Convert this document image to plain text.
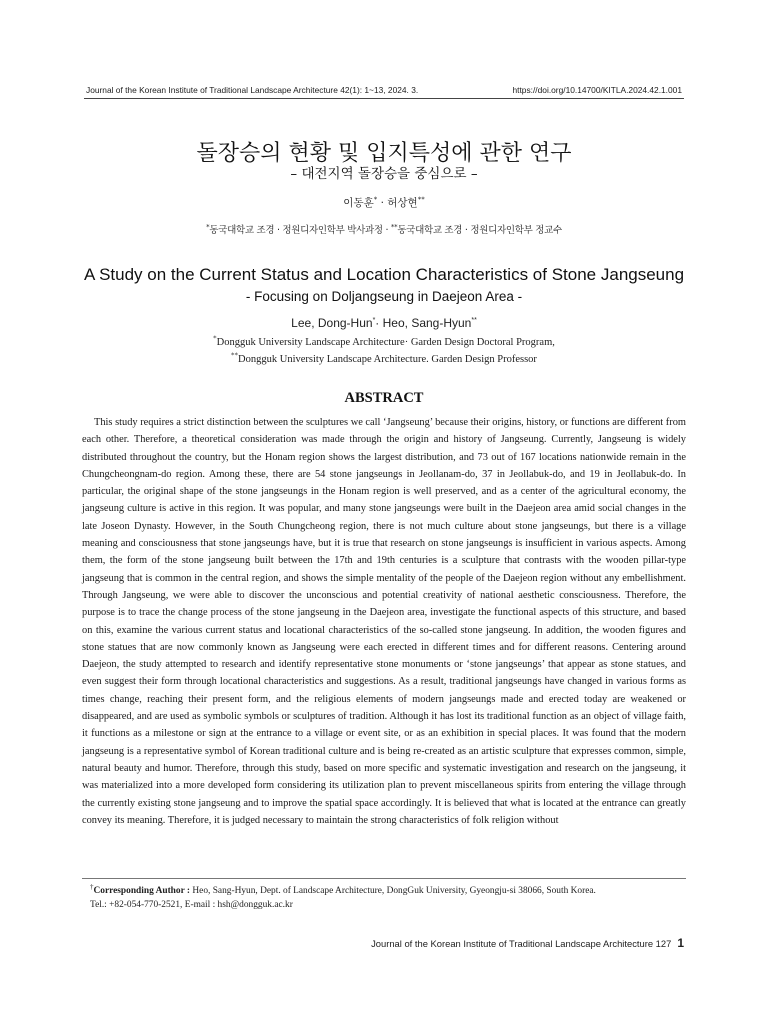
Journal of the Korean Institute of Traditional Landscape Architecture 42(1): 1~13, 2024. 3.	https://doi.org/10.14700/KITLA.2024.42.1.001
돌장승의 현황 및 입지특성에 관한 연구
– 대전지역 돌장승을 중심으로 –
이동훈* · 허상현**
*동국대학교 조경 · 정원디자인학부 박사과정 · **동국대학교 조경 · 정원디자인학부 정교수
A Study on the Current Status and Location Characteristics of Stone Jangseung
- Focusing on Doljangseung in Daejeon Area -
Lee, Dong-Hun*· Heo, Sang-Hyun**
*Dongguk University Landscape Architecture· Garden Design Doctoral Program,
**Dongguk University Landscape Architecture. Garden Design Professor
ABSTRACT

This study requires a strict distinction between the sculptures we call ‘Jangseung’ because their origins, history, or functions are different from each other. Therefore, a theoretical consideration was made through the origin and history of Jangseung. Currently, Jangseung is widely distributed throughout the country, but the Honam region shows the largest distribution, and 73 out of 167 locations nationwide remain in the Chungcheongnam-do region. Among these, there are 54 stone jangseungs in Jeollanam-do, 37 in Jeollabuk-do, and 19 in Jeollabuk-do. In particular, the original shape of the stone jangseungs in the Honam region is well preserved, and as a center of the agricultural economy, the jangseung culture is active in this region. It was popular, and many stone jangseungs were built in the Daejeon area amid social changes in the late Joseon Dynasty. However, in the South Chungcheong region, there is not much culture about stone jangseungs, but there is a village meaning and consciousness that stone jangseungs have, but it is true that research on stone jangseungs is insufficient in various aspects. Among them, the form of the stone jangseung built between the 17th and 19th centuries is a sculpture that contrasts with the wooden pillar-type jangseung that is common in the central region, and shows the simple mentality of the people of the Daejeon region without any embellishment. Through Jangseung, we were able to discover the unconscious and potential creativity of national aesthetic consciousness. Therefore, the purpose is to trace the change process of the stone jangseung in the Daejeon area, investigate the functional aspects of this structure, and based on this, examine the various current status and locational characteristics of the so-called stone jangseung. In addition, the wooden figures and stone statues that are now commonly known as Jangseung were each erected in different times and for different reasons. Centering around Daejeon, the study attempted to research and identify representative stone monuments or ‘stone jangseungs’ that appear as stone statues, and even suggest their form through locational characteristics and suggestions. As a result, traditional jangseungs have changed in various forms as times change, reaching their present form, and the religious elements of modern jangseungs made and erected today are weakened or disappeared, and are used as symbolic symbols or sculptures of tradition. Although it has lost its traditional function as an object of village faith, it functions as a milestone or sign at the entrance to a village or event site, or as an exhibition in special places. It was found that the modern jangseung is a representative symbol of Korean traditional culture and is being re-created as an artistic sculpture that expresses common, simple, natural beauty and humor. Therefore, through this study, based on more specific and systematic investigation and research on the jangseung, it was materialized into a more developed form considering its utilization plan to prevent miscellaneous spirits from entering the village through the currently existing stone jangseung and to improve the spatial space accordingly. It is believed that what is located at the entrance can greatly convey its meaning. Therefore, it is judged necessary to maintain the strong characteristics of folk religion without

†Corresponding Author : Heo, Sang-Hyun, Dept. of Landscape Architecture, DongGuk University, Gyeongju-si 38066, South Korea.
Tel.: +82-054-770-2521, E-mail : hsh@dongguk.ac.kr
Journal of the Korean Institute of Traditional Landscape Architecture 127 1
